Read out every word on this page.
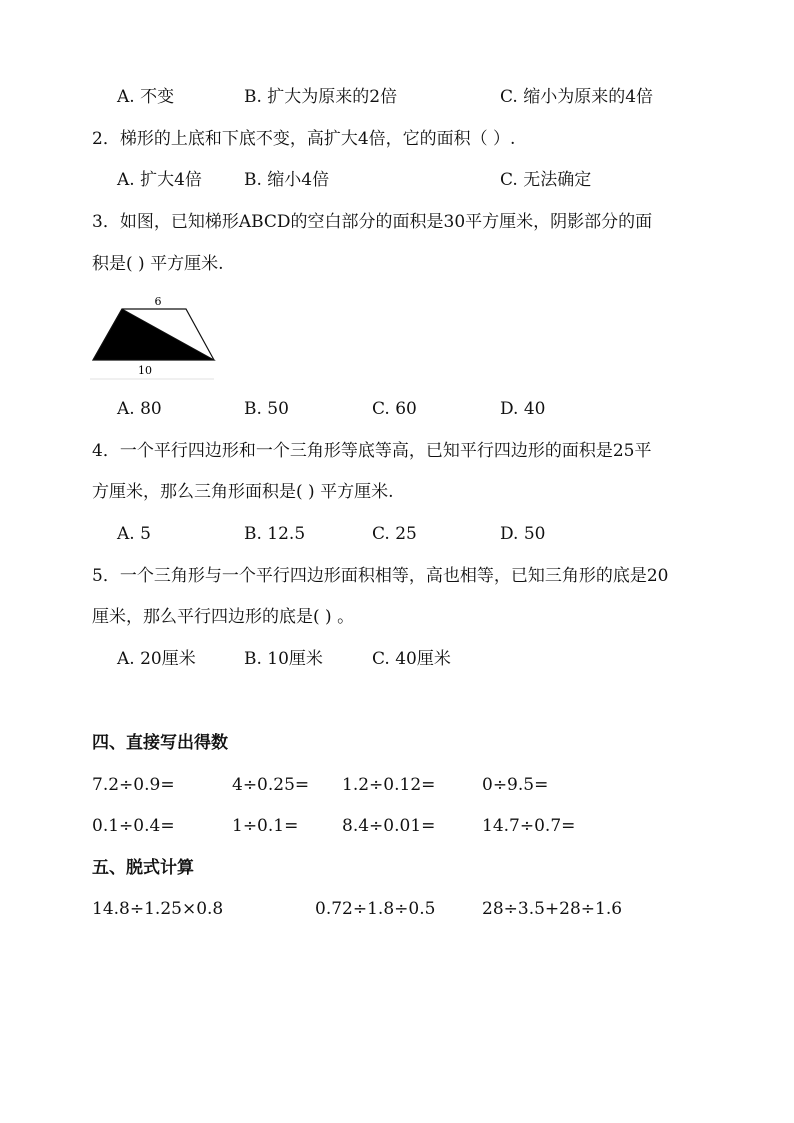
A. 不变	B. 扩大为原来的2倍	C. 缩小为原来的4倍
2．梯形的上底和下底不变，高扩大4倍，它的面积（ ）.
A. 扩大4倍 B. 缩小4倍	C. 无法确定
3．如图，已知梯形ABCD的空白部分的面积是30平方厘米，阴影部分的面
积是( ) 平方厘米.
6
10
A. 80	B. 50	C. 60	D. 40
4．一个平行四边形和一个三角形等底等高，已知平行四边形的面积是25平
方厘米，那么三角形面积是( ) 平方厘米.
A. 5	B. 12.5	C. 25	D. 50
5．一个三角形与一个平行四边形面积相等，高也相等，已知三角形的底是20
厘米，那么平行四边形的底是( ) 。
A. 20厘米	B. 10厘米	C. 40厘米
四、直接写出得数
7.2÷0.9=	4÷0.25= 1.2÷0.12=	0÷9.5=
0.1÷0.4=	1÷0.1=	8.4÷0.01=	14.7÷0.7=
五、脱式计算
14.8÷1.25×0.8	0.72÷1.8÷0.5	28÷3.5+28÷1.6
